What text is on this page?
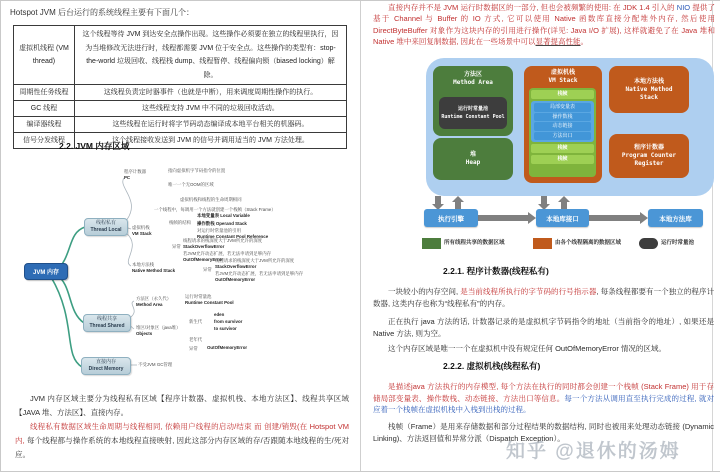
Hotspot JVM 后台运行的系统线程主要有下面几个：
虚拟机线程 (VM thread)	这个线程等待 JVM 到达安全点操作出现。这些操作必须要在独立的线程里执行，因为当堆修改无法进行时，线程都需要 JVM 位于安全点。这些操作的类型有：stop-the-world 垃圾回收、线程栈 dump、线程暂停、线程偏向锁（biased locking）解除。
周期性任务线程	这线程负责定时器事件（也就是中断），用来调度周期性操作的执行。
GC 线程	这些线程支持 JVM 中不同的垃圾回收活动。
编译器线程	这些线程在运行时将字节码动态编译成本地平台相关的机器码。
信号分发线程	这个线程接收发送到 JVM 的信号并调用适当的 JVM 方法处理。
2.2. JVM 内存区域
JVM 内存
线程私有
Thread Local
线程共享
Thread Shared
直接内存
Direct Memory
程序计数器
PC
指向虚拟机字节码指令的位置
唯一一个无OOM的区域
虚拟机栈
VM Stack
虚拟机栈和线程的生命周期相同
一个线程中，每调用一个方法就创建一个栈帧（Stack Frame）
栈帧的结构
本地变量表 Local Variable
操作数栈 Operand Stack
对运行时常量池的引用
Runtime Constant Pool Reference
异常
线程请求的栈深度大于JVM所允许的深度
StackOverflowError
若JVM允许动态扩展，若无法申请到足够内存
OutOfMemoryError
本地方法栈
Native Method Stack	异常
线程请求的栈深度大于JVM所允许的深度
StackOverflowError
若JVM允许动态扩展，若无法申请到足够内存
OutOfMemoryError
方法区（永久代）
Method Area
运行时常量池
Runtime Constant Pool
堆区/对象区（java堆）
Objects
新生代
eden
from survivor
to survivor
老年代
异常 OutOfMemoryError
不受JVM GC管理

JVM 内存区域主要分为线程私有区域【程序计数器、虚拟机栈、本地方法区】、线程共享区域【JAVA 堆、方法区】、直接内存。

线程私有数据区域生命周期与线程相同, 依赖用户线程的启动/结束 而 创建/销毁(在 Hotspot VM 内, 每个线程都与操作系统的本地线程直接映射, 因此这部分内存区域的存/否跟随本地线程的生/死对应。

直接内存并不是 JVM 运行时数据区的一部分, 但也会被频繁的使用: 在 JDK 1.4 引入的 NIO 提供了基于 Channel 与 Buffer 的 IO 方式, 它可以使用 Native 函数库直接分配堆外内存, 然后使用 DirectByteBuffer 对象作为这块内存的引用进行操作(详见: Java I/O 扩展), 这样就避免了在 Java 堆和 Native 堆中来回复制数据, 因此在一些场景中可以显著提高性能。

方法区
Method Area
运行时常量池
Runtime Constant Pool
堆
Heap
虚拟机栈
VM Stack
栈帧
局部变量表
操作数栈
动态链接
方法出口
栈帧
栈帧
本地方法栈
Native Method Stack
程序计数器
Program Counter Register
执行引擎	本地库接口	本地方法库
所有线程共享的数据区域	由各个线程隔离的数据区域	运行时常量池
2.2.1. 程序计数器(线程私有)

一块较小的内存空间, 是当前线程所执行的字节码的行号指示器, 每条线程都要有一个独立的程序计数器, 这类内存也称为“线程私有”的内存。

正在执行 java 方法的话, 计数器记录的是虚拟机字节码指令的地址（当前指令的地址）, 如果还是 Native 方法, 则为空。

这个内存区域是唯一一个在虚拟机中没有规定任何 OutOfMemoryError 情况的区域。

2.2.2. 虚拟机栈(线程私有)

是描述java 方法执行的内存模型, 每个方法在执行的同时都会创建一个栈帧 (Stack Frame) 用于存储局部变量表、操作数栈、动态链接、方法出口等信息。每一个方法从调用直至执行完成的过程, 就对应着一个栈帧在虚拟机栈中入栈到出栈的过程。

栈帧（Frame）是用来存储数据和部分过程结果的数据结构, 同时也被用来处理动态链接 (Dynamic Linking)、方法返回值和异常分派（Dispatch Exception）。

知乎 @退休的汤姆
